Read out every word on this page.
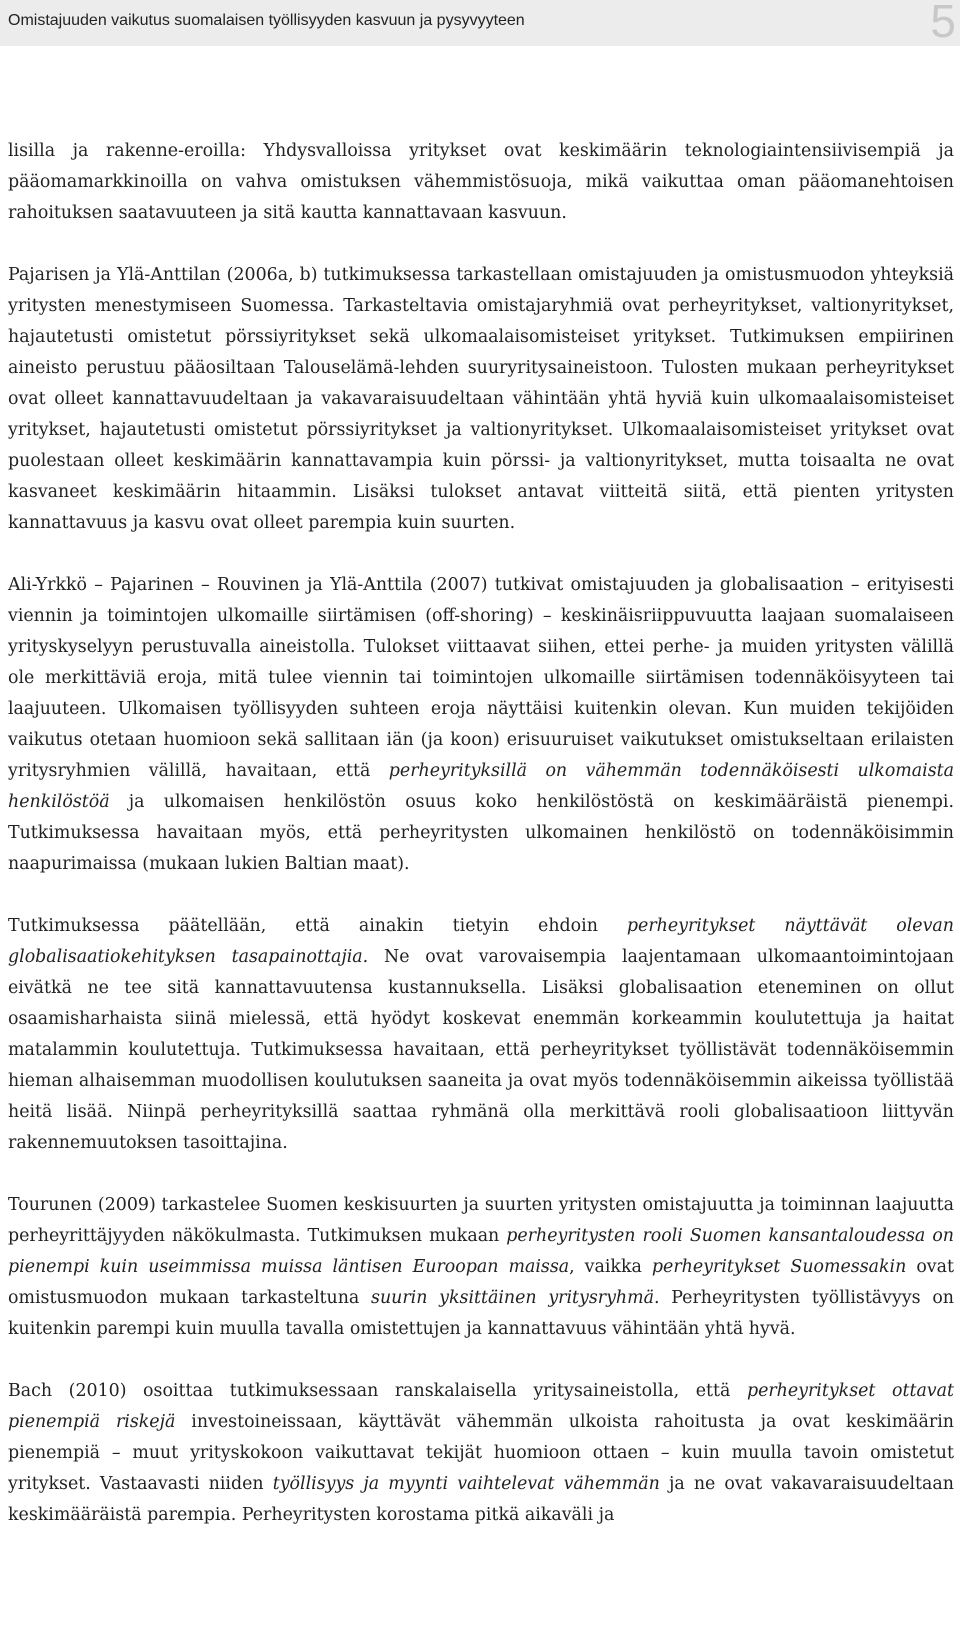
Omistajuuden vaikutus suomalaisen työllisyyden kasvuun ja pysyvyyteen	5

lisilla ja rakenne-eroilla: Yhdysvalloissa yritykset ovat keskimäärin teknologiaintensiivisempiä ja pääomamarkkinoilla on vahva omistuksen vähemmistösuoja, mikä vaikuttaa oman pääomanehtoisen rahoituksen saatavuuteen ja sitä kautta kannattavaan kasvuun.

Pajarisen ja Ylä-Anttilan (2006a, b) tutkimuksessa tarkastellaan omistajuuden ja omistusmuodon yhteyksiä yritysten menestymiseen Suomessa. Tarkasteltavia omistajaryhmiä ovat perheyritykset, valtionyritykset, hajautetusti omistetut pörssiyritykset sekä ulkomaalaisomisteiset yritykset. Tutkimuksen empiirinen aineisto perustuu pääosiltaan Talouselämä-lehden suuryritysaineistoon. Tulosten mukaan perheyritykset ovat olleet kannattavuudeltaan ja vakavaraisuudeltaan vähintään yhtä hyviä kuin ulkomaalaisomisteiset yritykset, hajautetusti omistetut pörssiyritykset ja valtionyritykset. Ulkomaalaisomisteiset yritykset ovat puolestaan olleet keskimäärin kannattavampia kuin pörssi- ja valtionyritykset, mutta toisaalta ne ovat kasvaneet keskimäärin hitaammin. Lisäksi tulokset antavat viitteitä siitä, että pienten yritysten kannattavuus ja kasvu ovat olleet parempia kuin suurten.

Ali-Yrkkö – Pajarinen – Rouvinen ja Ylä-Anttila (2007) tutkivat omistajuuden ja globalisaation – erityisesti viennin ja toimintojen ulkomaille siirtämisen (off-shoring) – keskinäisriippuvuutta laajaan suomalaiseen yrityskyselyyn perustuvalla aineistolla. Tulokset viittaavat siihen, ettei perhe- ja muiden yritysten välillä ole merkittäviä eroja, mitä tulee viennin tai toimintojen ulkomaille siirtämisen todennäköisyyteen tai laajuuteen. Ulkomaisen työllisyyden suhteen eroja näyttäisi kuitenkin olevan. Kun muiden tekijöiden vaikutus otetaan huomioon sekä sallitaan iän (ja koon) erisuuruiset vaikutukset omistukseltaan erilaisten yritysryhmien välillä, havaitaan, että perheyrityksillä on vähemmän todennäköisesti ulkomaista henkilöstöä ja ulkomaisen henkilöstön osuus koko henkilöstöstä on keskimääräistä pienempi. Tutkimuksessa havaitaan myös, että perheyritysten ulkomainen henkilöstö on todennäköisimmin naapurimaissa (mukaan lukien Baltian maat).

Tutkimuksessa päätellään, että ainakin tietyin ehdoin perheyritykset näyttävät olevan globalisaatiokehityksen tasapainottajia. Ne ovat varovaisempia laajentamaan ulkomaantoimintojaan eivätkä ne tee sitä kannattavuutensa kustannuksella. Lisäksi globalisaation eteneminen on ollut osaamisharhaista siinä mielessä, että hyödyt koskevat enemmän korkeammin koulutettuja ja haitat matalammin koulutettuja. Tutkimuksessa havaitaan, että perheyritykset työllistävät todennäköisemmin hieman alhaisemman muodollisen koulutuksen saaneita ja ovat myös todennäköisemmin aikeissa työllistää heitä lisää. Niinpä perheyrityksillä saattaa ryhmänä olla merkittävä rooli globalisaatioon liittyvän rakennemuutoksen tasoittajina.

Tourunen (2009) tarkastelee Suomen keskisuurten ja suurten yritysten omistajuutta ja toiminnan laajuutta perheyrittäjyyden näkökulmasta. Tutkimuksen mukaan perheyritysten rooli Suomen kansantaloudessa on pienempi kuin useimmissa muissa läntisen Euroopan maissa, vaikka perheyritykset Suomessakin ovat omistusmuodon mukaan tarkasteltuna suurin yksittäinen yritysryhmä. Perheyritysten työllistävyys on kuitenkin parempi kuin muulla tavalla omistettujen ja kannattavuus vähintään yhtä hyvä.

Bach (2010) osoittaa tutkimuksessaan ranskalaisella yritysaineistolla, että perheyritykset ottavat pienempiä riskejä investoineissaan, käyttävät vähemmän ulkoista rahoitusta ja ovat keskimäärin pienempiä – muut yrityskokoon vaikuttavat tekijät huomioon ottaen – kuin muulla tavoin omistetut yritykset. Vastaavasti niiden työllisyys ja myynti vaihtelevat vähemmän ja ne ovat vakavaraisuudeltaan keskimääräistä parempia. Perheyritysten korostama pitkä aikaväli ja
